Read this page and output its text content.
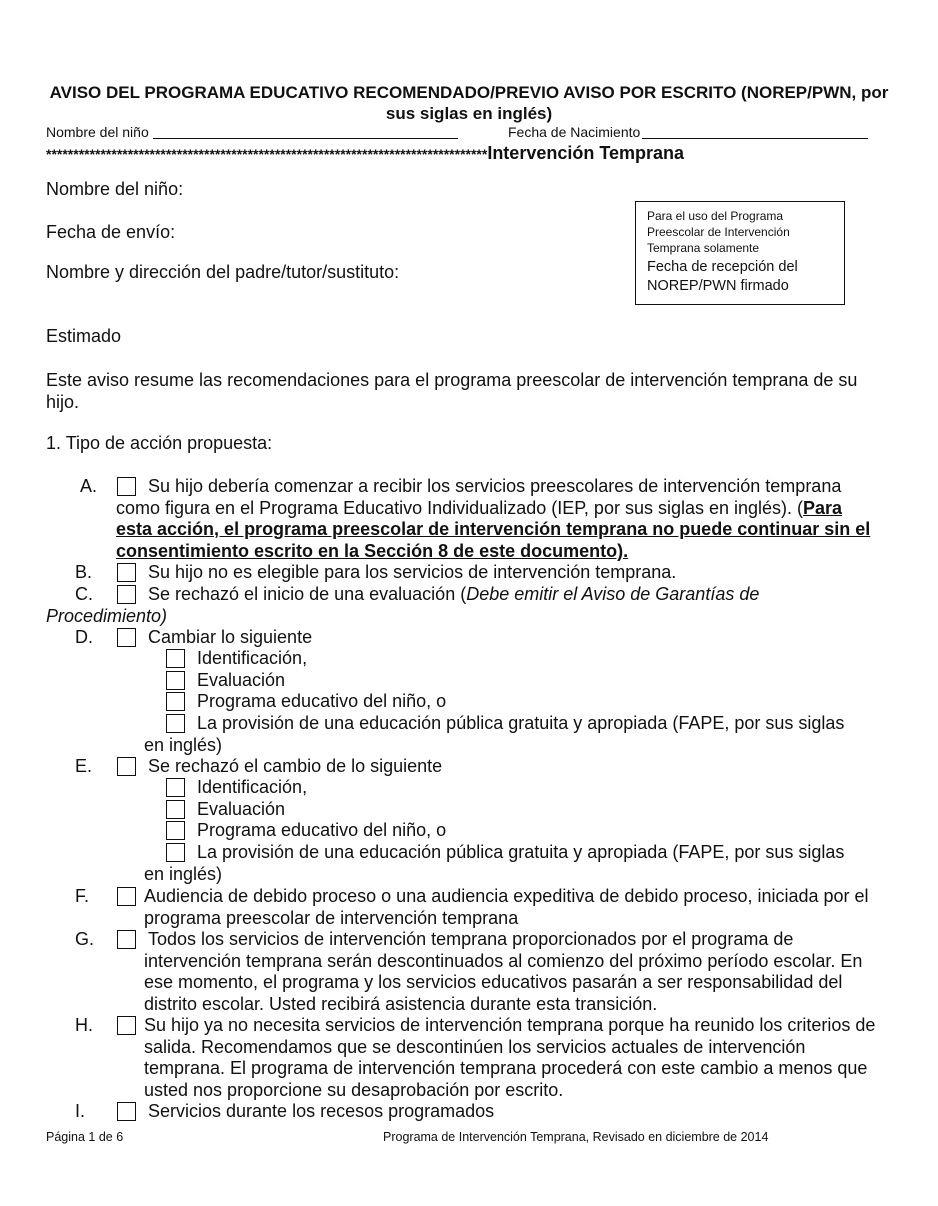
AVISO DEL PROGRAMA EDUCATIVO RECOMENDADO/PREVIO AVISO POR ESCRITO (NOREP/PWN, por sus siglas en inglés)
Nombre del niño	Fecha de Nacimiento
*********************************************************************************Intervención Temprana
Nombre del niño:
Fecha de envío:
Nombre y dirección del padre/tutor/sustituto:
Para el uso del Programa
Preescolar de Intervención
Temprana solamente
Fecha de recepción del
NOREP/PWN firmado
Estimado
Este aviso resume las recomendaciones para el programa preescolar de intervención temprana de su hijo.
1. Tipo de acción propuesta:
A.	Su hijo debería comenzar a recibir los servicios preescolares de intervención temprana como figura en el Programa Educativo Individualizado (IEP, por sus siglas en inglés). (Para esta acción, el programa preescolar de intervención temprana no puede continuar sin el consentimiento escrito en la Sección 8 de este documento).
B.	Su hijo no es elegible para los servicios de intervención temprana.
C.	Se rechazó el inicio de una evaluación (Debe emitir el Aviso de Garantías de Procedimiento)
D.	Cambiar lo siguiente
Identificación,
Evaluación
Programa educativo del niño, o
La provisión de una educación pública gratuita y apropiada (FAPE, por sus siglas
en inglés)
E.	Se rechazó el cambio de lo siguiente
Identificación,
Evaluación
Programa educativo del niño, o
La provisión de una educación pública gratuita y apropiada (FAPE, por sus siglas
en inglés)
F.	Audiencia de debido proceso o una audiencia expeditiva de debido proceso, iniciada por el programa preescolar de intervención temprana
G.	Todos los servicios de intervención temprana proporcionados por el programa de intervención temprana serán descontinuados al comienzo del próximo período escolar. En ese momento, el programa y los servicios educativos pasarán a ser responsabilidad del distrito escolar. Usted recibirá asistencia durante esta transición.
H.	Su hijo ya no necesita servicios de intervención temprana porque ha reunido los criterios de salida. Recomendamos que se descontinúen los servicios actuales de intervención temprana. El programa de intervención temprana procederá con este cambio a menos que usted nos proporcione su desaprobación por escrito.
I.	Servicios durante los recesos programados
Página 1 de 6	Programa de Intervención Temprana, Revisado en diciembre de 2014
